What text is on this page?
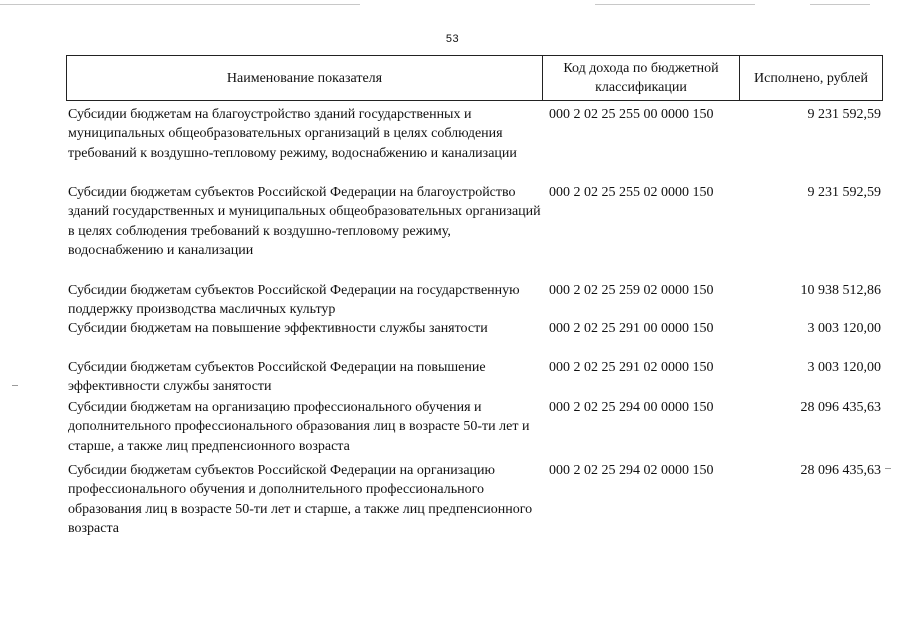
53
Наименование показателя
Код дохода по бюджетной классификации
Исполнено, рублей
Субсидии бюджетам на благоустройство зданий государственных и муниципальных общеобразовательных организаций в целях соблюдения требований к воздушно-тепловому режиму, водоснабжению и канализации
000 2 02 25 255 00 0000 150	9 231 592,59
Субсидии бюджетам субъектов Российской Федерации на благоустройство зданий государственных и муниципальных общеобразовательных организаций в целях соблюдения требований к воздушно-тепловому режиму, водоснабжению и канализации
000 2 02 25 255 02 0000 150	9 231 592,59
Субсидии бюджетам субъектов Российской Федерации на государственную поддержку производства масличных культур
000 2 02 25 259 02 0000 150	10 938 512,86
Субсидии бюджетам на повышение эффективности службы занятости	000 2 02 25 291 00 0000 150	3 003 120,00
Субсидии бюджетам субъектов Российской Федерации на повышение эффективности службы занятости
000 2 02 25 291 02 0000 150	3 003 120,00
Субсидии бюджетам на организацию профессионального обучения и дополнительного профессионального образования лиц в возрасте 50-ти лет и старше, а также лиц предпенсионного возраста
000 2 02 25 294 00 0000 150	28 096 435,63
Субсидии бюджетам субъектов Российской Федерации на организацию профессионального обучения и дополнительного профессионального образования лиц в возрасте 50-ти лет и старше, а также лиц предпенсионного возраста
000 2 02 25 294 02 0000 150	28 096 435,63
